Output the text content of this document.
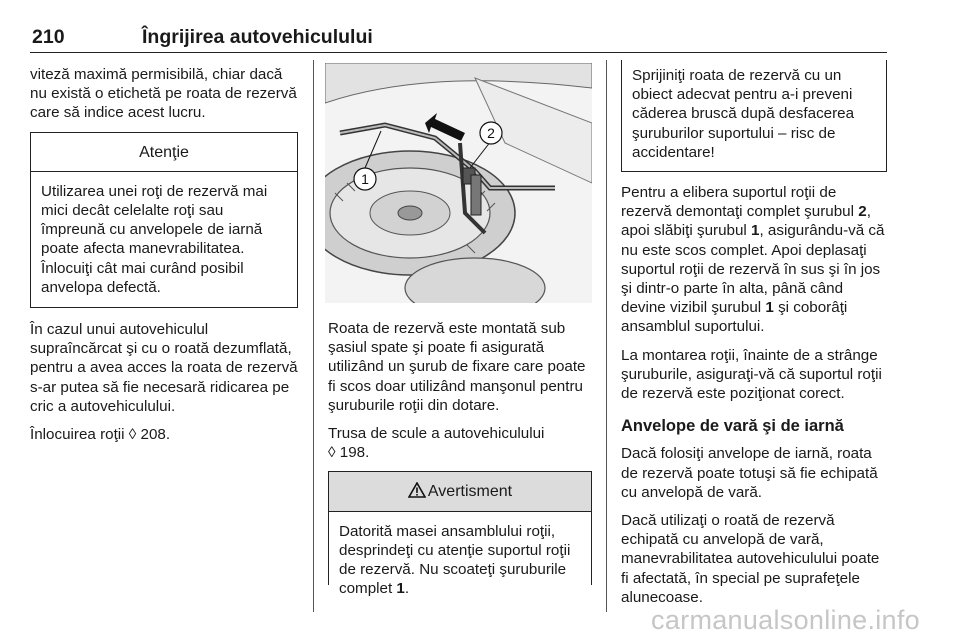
210	Îngrijirea autovehiculului

viteză maximă permisibilă, chiar dacă nu există o etichetă pe roata de rezervă care să indice acest lucru.

Atenţie
Utilizarea unei roţi de rezervă mai mici decât celelalte roţi sau împreună cu anvelopele de iarnă poate afecta manevrabilitatea. Înlocuiţi cât mai curând posibil anvelopa defectă.

În cazul unui autovehiculul supraîncărcat şi cu o roată dezumflată, pentru a avea acces la roata de rezervă s-ar putea să fie necesară ridicarea pe cric a autovehiculului.

Înlocuirea roţii ◊ 208.

1
2

Roata de rezervă este montată sub şasiul spate şi poate fi asigurată utilizând un şurub de fixare care poate fi scos doar utilizând manşonul pentru şuruburile roţii din dotare.

Trusa de scule a autovehiculului
◊ 198.

Avertisment
Datorită masei ansamblului roţii, desprindeţi cu atenţie suportul roţii de rezervă. Nu scoateţi şuruburile complet 1.
Sprijiniţi roata de rezervă cu un obiect adecvat pentru a-i preveni căderea bruscă după desfacerea şuruburilor suportului – risc de accidentare!

Pentru a elibera suportul roţii de rezervă demontaţi complet şurubul 2, apoi slăbiţi şurubul 1, asigurându-vă că nu este scos complet. Apoi deplasaţi suportul roţii de rezervă în sus şi în jos şi dintr-o parte în alta, până când devine vizibil şurubul 1 şi coborâţi ansamblul suportului.

La montarea roţii, înainte de a strânge şuruburile, asiguraţi-vă că suportul roţii de rezervă este poziţionat corect.

Anvelope de vară şi de iarnă

Dacă folosiţi anvelope de iarnă, roata de rezervă poate totuşi să fie echipată cu anvelopă de vară.

Dacă utilizaţi o roată de rezervă echipată cu anvelopă de vară, manevrabilitatea autovehiculului poate fi afectată, în special pe suprafeţele alunecoase.

carmanualsonline.info
